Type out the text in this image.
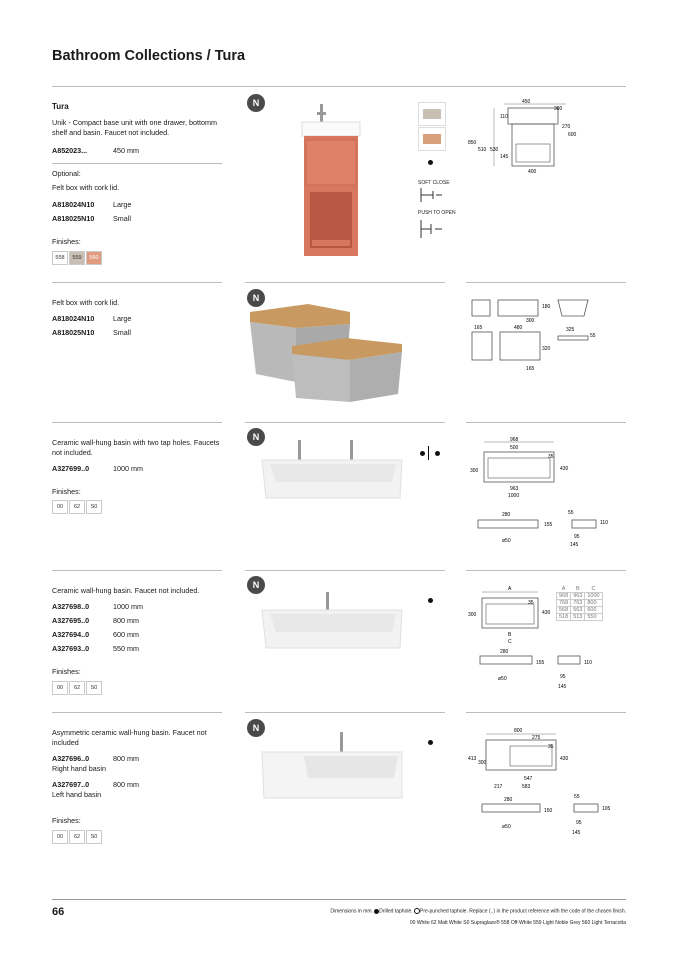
Bathroom Collections / Tura
Tura
Unik - Compact base unit with one drawer, bottomm shelf and basin. Faucet not included.
A852023...	450 mm
Optional:
Felt box with cork lid.
A818024N10	Large
A818025N10	Small
Finishes:
558	559	560
N
SOFT CLOSE
PUSH TO OPEN
450
380
110
270
600
850
510 530
145
400
Felt box with cork lid.
A818024N10	Large
A818025N10	Small
N
180
300
165	480	325
55
320
165
Ceramic wall-hung basin with two tap holes. Faucets not included.
A327699..0	1000 mm
Finishes:
00	62	S0
N	968
500
35
300	430
963
1000
280
155
ø50
55
110
95
145
Ceramic wall-hung basin. Faucet not included.
A327698..0	1000 mm
A327695..0	800 mm
A327694..0	600 mm
A327693..0	550 mm
Finishes:
00	62	S0
N	A
35
300	430
B
C
280
155
ø50
110
95
145
A	B	C
968	963	1000
768	763	800
568	563	600
518	513	550
Asymmetric ceramic wall-hung basin. Faucet not included
A327696..0	800 mm
Right hand basin
A327697..0	800 mm
Left hand basin
Finishes:
00	62	S0
N	800
275
35
413
300
430
547
217	583
280
150
ø50
55
105
95
145
66	Dimensions in mm. Drilled taphole. Pre-punched taphole. Replace (..) in the product reference with the code of the chosen finish.
00 White 62 Matt White S0 Supraglaze® 558 Off-White 559 Light Noble Grey 560 Light Terracotta
